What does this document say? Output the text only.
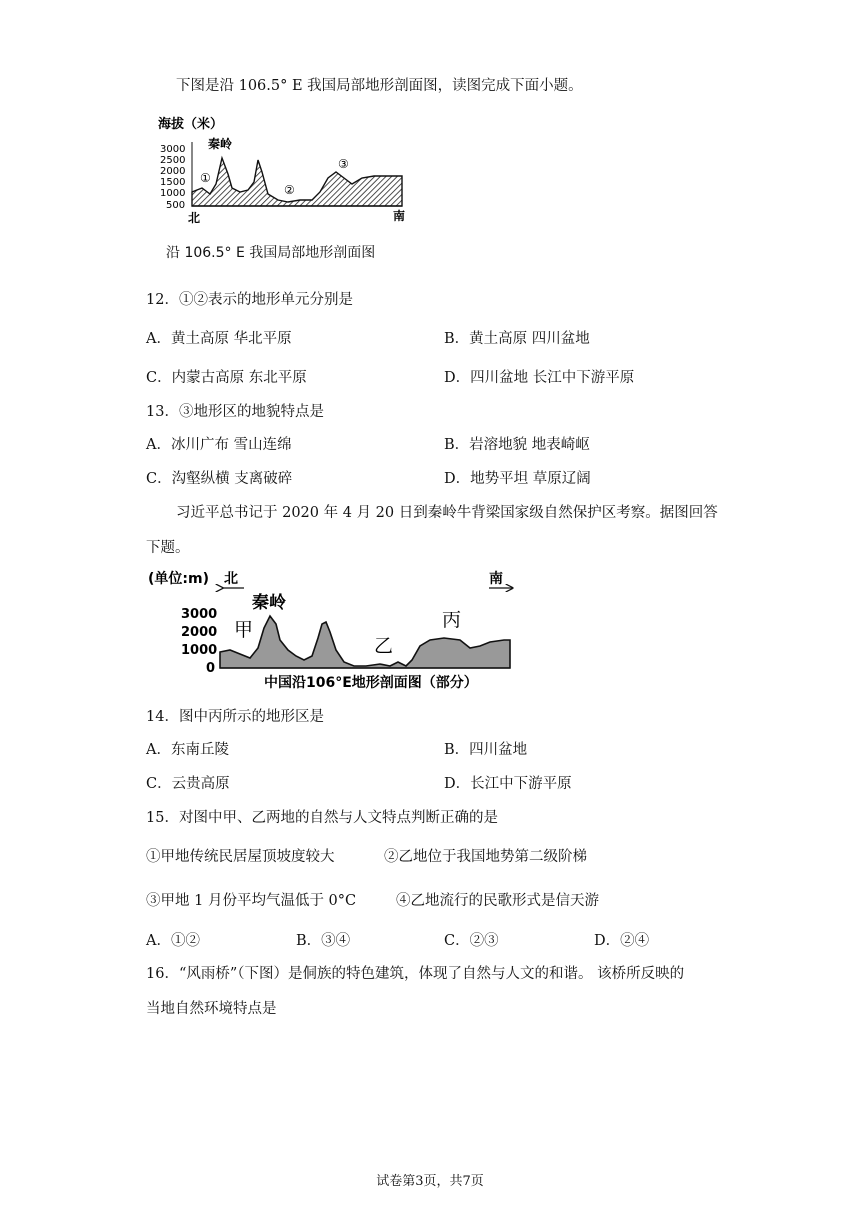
下图是沿 106.5° E 我国局部地形剖面图，读图完成下面小题。
海拔（米）
3000
2500
2000
1500
1000
500
秦岭
①
②
③
北	南
沿 106.5° E 我国局部地形剖面图
12．①②表示的地形单元分别是
A．黄土高原 华北平原	B．黄土高原 四川盆地
C．内蒙古高原 东北平原	D．四川盆地 长江中下游平原
13．③地形区的地貌特点是
A．冰川广布 雪山连绵	B．岩溶地貌 地表崎岖
C．沟壑纵横 支离破碎	D．地势平坦 草原辽阔
习近平总书记于 2020 年 4 月 20 日到秦岭牛背梁国家级自然保护区考察。据图回答
下题。
(单位:m) 北	南
3000
2000
1000
0
秦岭
甲
乙
丙
中国沿106°E地形剖面图（部分）
14．图中丙所示的地形区是
A．东南丘陵	B．四川盆地
C．云贵高原	D．长江中下游平原
15．对图中甲、乙两地的自然与人文特点判断正确的是
①甲地传统民居屋顶坡度较大	②乙地位于我国地势第二级阶梯
③甲地 1 月份平均气温低于 0°C	④乙地流行的民歌形式是信天游
A．①②	B．③④	C．②③	D．②④
16．“风雨桥”（下图）是侗族的特色建筑，体现了自然与人文的和谐。 该桥所反映的
当地自然环境特点是
试卷第3页，共7页
